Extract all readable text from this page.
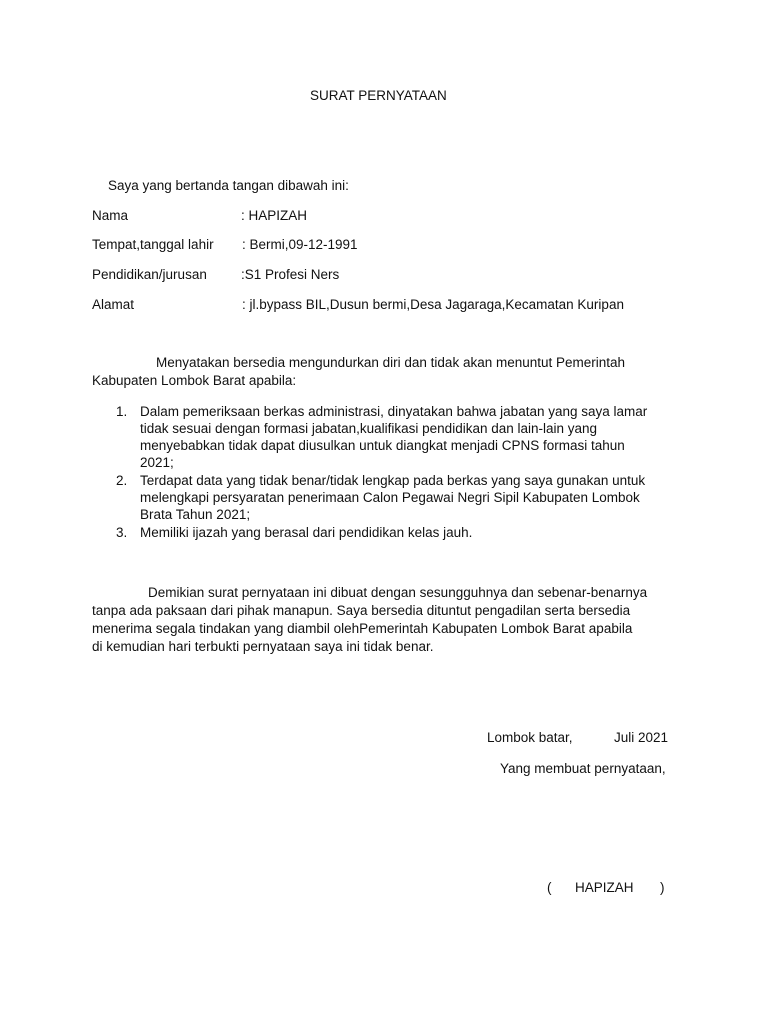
SURAT PERNYATAAN
Saya yang bertanda tangan dibawah ini:
Nama	: HAPIZAH
Tempat,tanggal lahir : Bermi,09-12-1991
Pendidikan/jurusan	:S1 Profesi Ners
Alamat	: jl.bypass BIL,Dusun bermi,Desa Jagaraga,Kecamatan Kuripan
Menyatakan bersedia mengundurkan diri dan tidak akan menuntut Pemerintah
Kabupaten Lombok Barat apabila:
1. Dalam pemeriksaan berkas administrasi, dinyatakan bahwa jabatan yang saya lamar
tidak sesuai dengan formasi jabatan,kualifikasi pendidikan dan lain-lain yang
menyebabkan tidak dapat diusulkan untuk diangkat menjadi CPNS formasi tahun
2021;
2. Terdapat data yang tidak benar/tidak lengkap pada berkas yang saya gunakan untuk
melengkapi persyaratan penerimaan Calon Pegawai Negri Sipil Kabupaten Lombok
Brata Tahun 2021;
3. Memiliki ijazah yang berasal dari pendidikan kelas jauh.
Demikian surat pernyataan ini dibuat dengan sesungguhnya dan sebenar-benarnya
tanpa ada paksaan dari pihak manapun. Saya bersedia dituntut pengadilan serta bersedia
menerima segala tindakan yang diambil olehPemerintah Kabupaten Lombok Barat apabila
di kemudian hari terbukti pernyataan saya ini tidak benar.
Lombok batar,	Juli 2021
Yang membuat pernyataan,
( HAPIZAH )
